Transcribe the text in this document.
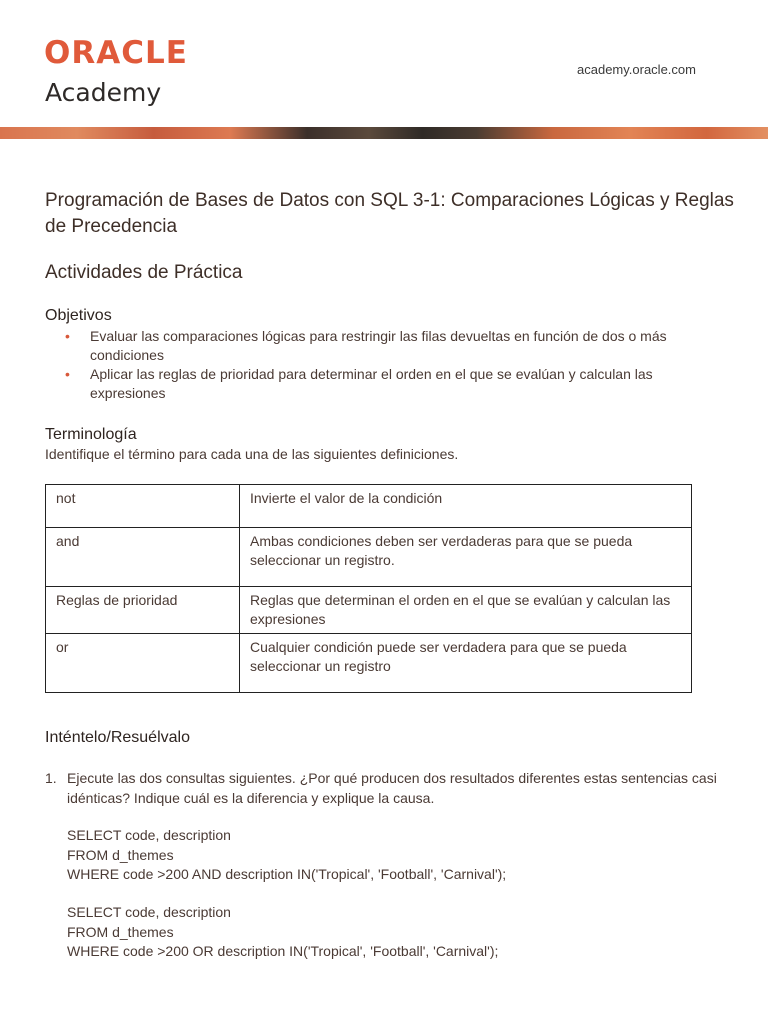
ORACLE
Academy
academy.oracle.com
Programación de Bases de Datos con SQL 3-1: Comparaciones Lógicas y Reglas de Precedencia
Actividades de Práctica
Objetivos
• Evaluar las comparaciones lógicas para restringir las filas devueltas en función de dos o más condiciones
• Aplicar las reglas de prioridad para determinar el orden en el que se evalúan y calculan las expresiones
Terminología
Identifique el término para cada una de las siguientes definiciones.
not	Invierte el valor de la condición
and	Ambas condiciones deben ser verdaderas para que se pueda seleccionar un registro.
Reglas de prioridad	Reglas que determinan el orden en el que se evalúan y calculan las expresiones
or	Cualquier condición puede ser verdadera para que se pueda seleccionar un registro
Inténtelo/Resuélvalo
1. Ejecute las dos consultas siguientes. ¿Por qué producen dos resultados diferentes estas sentencias casi idénticas? Indique cuál es la diferencia y explique la causa.
SELECT code, description
FROM d_themes
WHERE code >200 AND description IN('Tropical', 'Football', 'Carnival');
SELECT code, description
FROM d_themes
WHERE code >200 OR description IN('Tropical', 'Football', 'Carnival');
